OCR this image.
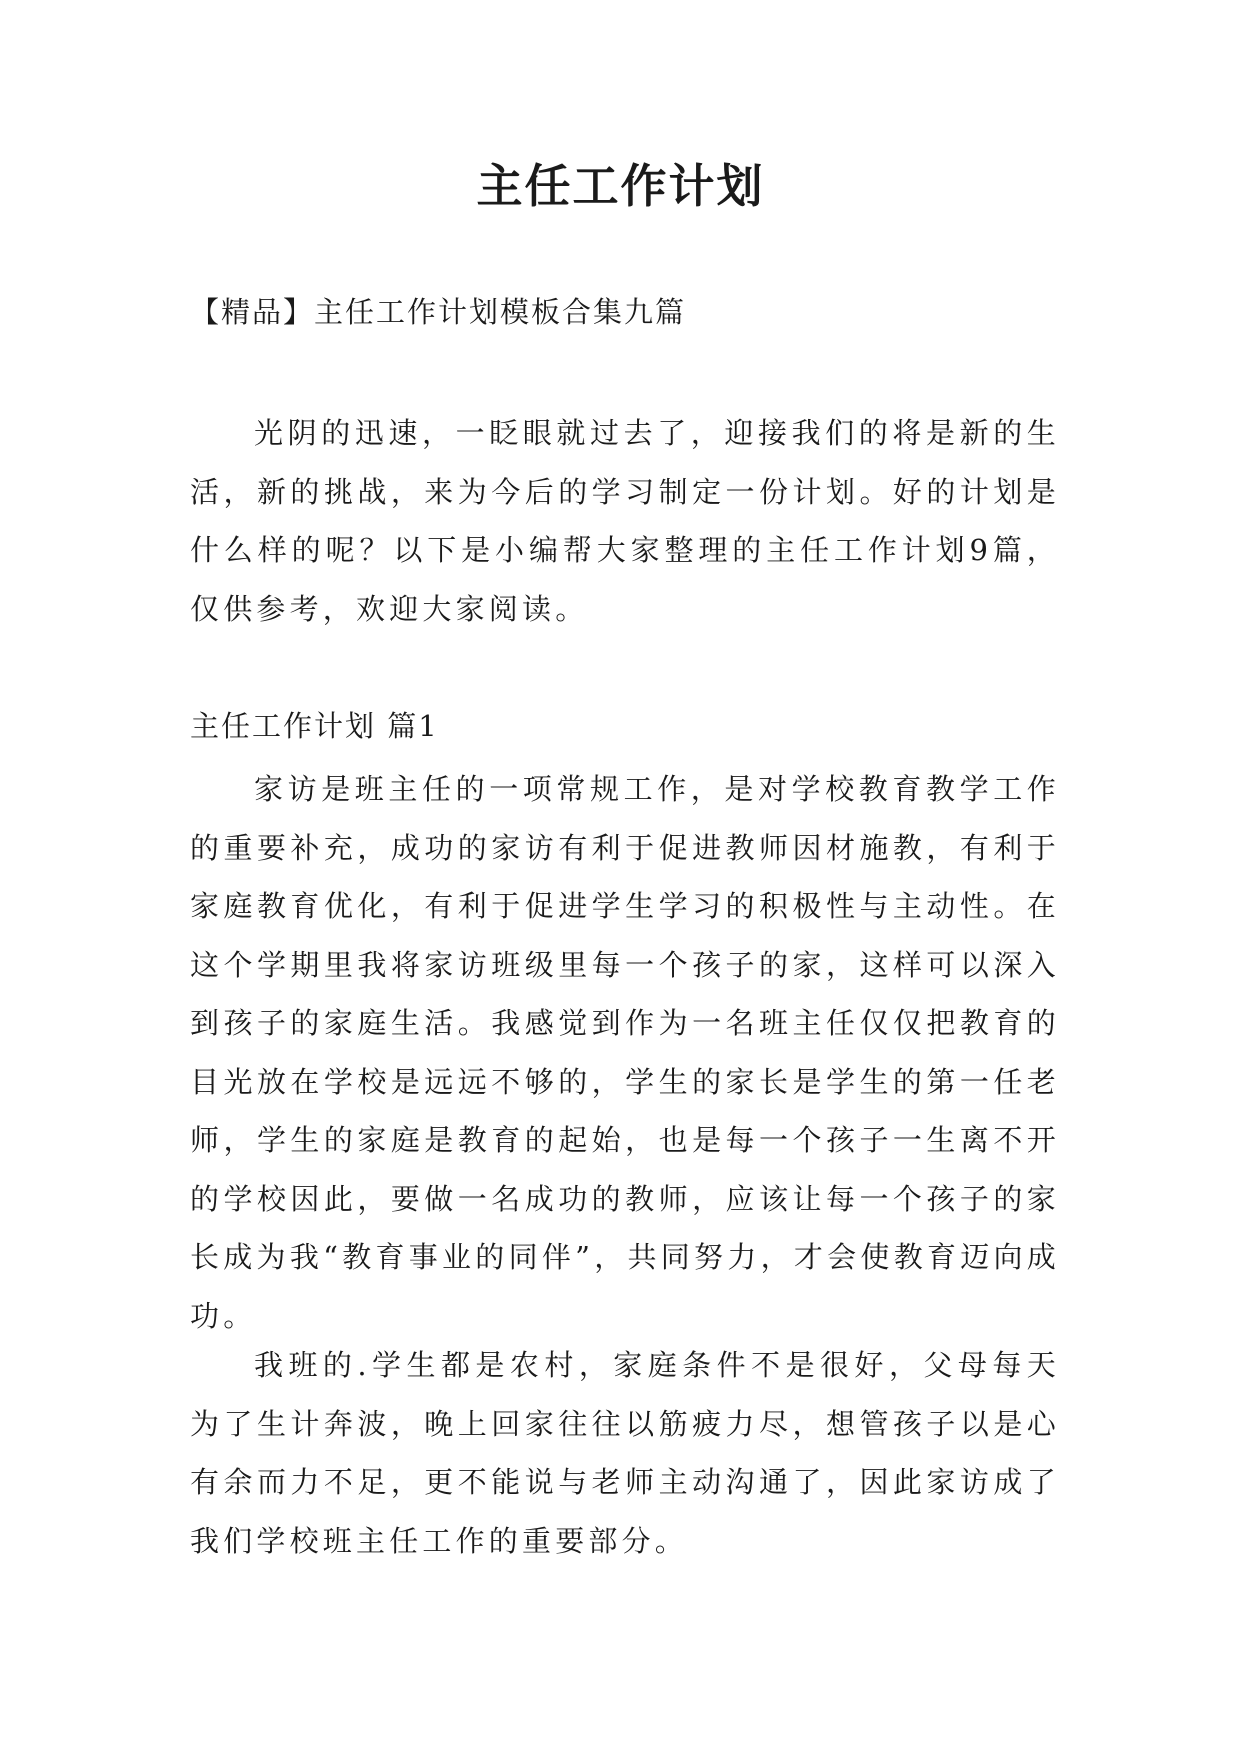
主任工作计划

【精品】主任工作计划模板合集九篇

光阴的迅速，一眨眼就过去了，迎接我们的将是新的生活，新的挑战，来为今后的学习制定一份计划。好的计划是什么样的呢？以下是小编帮大家整理的主任工作计划9篇，仅供参考，欢迎大家阅读。

主任工作计划 篇1

家访是班主任的一项常规工作，是对学校教育教学工作的重要补充，成功的家访有利于促进教师因材施教，有利于家庭教育优化，有利于促进学生学习的积极性与主动性。在这个学期里我将家访班级里每一个孩子的家，这样可以深入到孩子的家庭生活。我感觉到作为一名班主任仅仅把教育的目光放在学校是远远不够的，学生的家长是学生的第一任老师，学生的家庭是教育的起始，也是每一个孩子一生离不开的学校因此，要做一名成功的教师，应该让每一个孩子的家长成为我“教育事业的同伴”，共同努力，才会使教育迈向成功。

我班的.学生都是农村，家庭条件不是很好，父母每天为了生计奔波，晚上回家往往以筋疲力尽，想管孩子以是心有余而力不足，更不能说与老师主动沟通了，因此家访成了我们学校班主任工作的重要部分。
